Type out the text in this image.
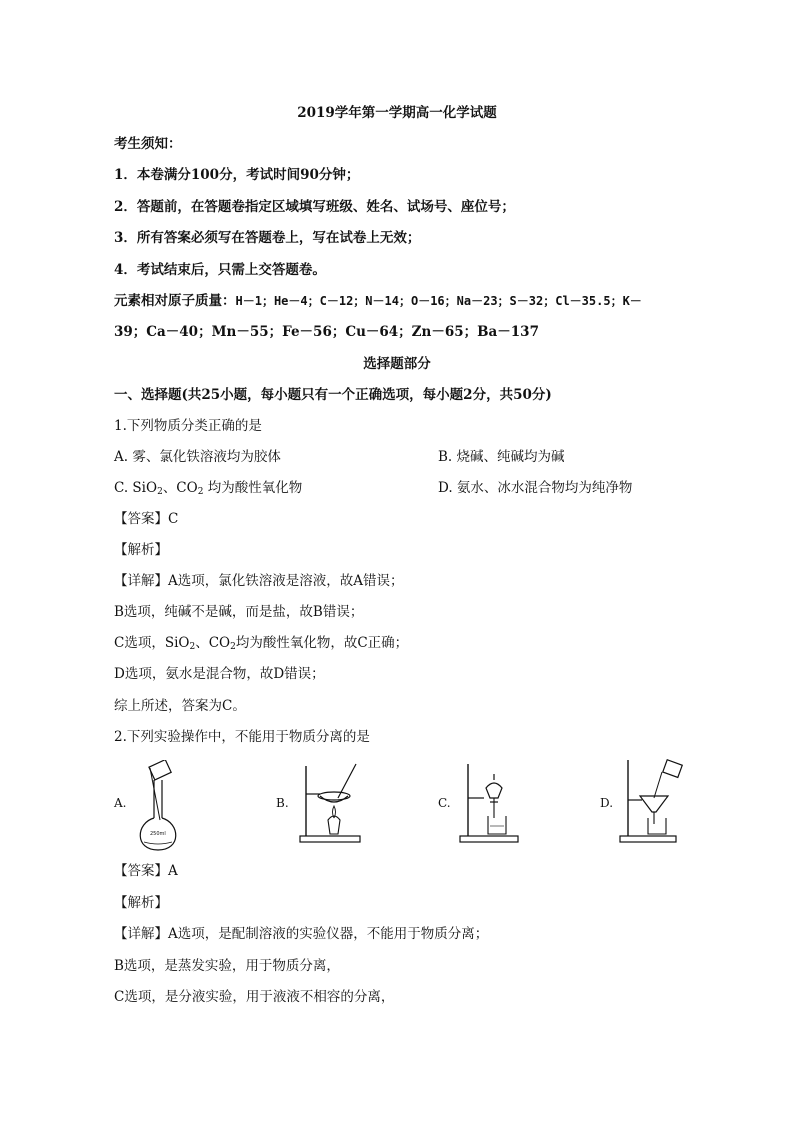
2019学年第一学期高一化学试题
考生须知：
1．本卷满分100分，考试时间90分钟；
2．答题前，在答题卷指定区域填写班级、姓名、试场号、座位号；
3．所有答案必须写在答题卷上，写在试卷上无效；
4．考试结束后，只需上交答题卷。
元素相对原子质量：H－1；He－4；C－12；N－14；O－16；Na－23；S－32；Cl－35.5；K－
39；Ca－40；Mn－55；Fe－56；Cu－64；Zn－65；Ba－137
选择题部分
一、选择题(共25小题，每小题只有一个正确选项，每小题2分，共50分)
1.下列物质分类正确的是
A. 雾、氯化铁溶液均为胶体	B. 烧碱、纯碱均为碱
C. SiO$_2$、$CO_2$ 均为酸性氧化物	D. 氨水、冰水混合物均为纯净物
【答案】C
【解析】
【详解】A选项，氯化铁溶液是溶液，故A错误；
B选项，纯碱不是碱，而是盐，故B错误；
C选项，SiO$_2$、$CO_2$均为酸性氧化物，故C正确；
D选项，氨水是混合物，故D错误；
综上所述，答案为C。
2.下列实验操作中，不能用于物质分离的是
A.
250ml
B.	C.	D.
【答案】A
【解析】
【详解】A选项，是配制溶液的实验仪器，不能用于物质分离；
B选项，是蒸发实验，用于物质分离，
C选项，是分液实验，用于液液不相容的分离，
